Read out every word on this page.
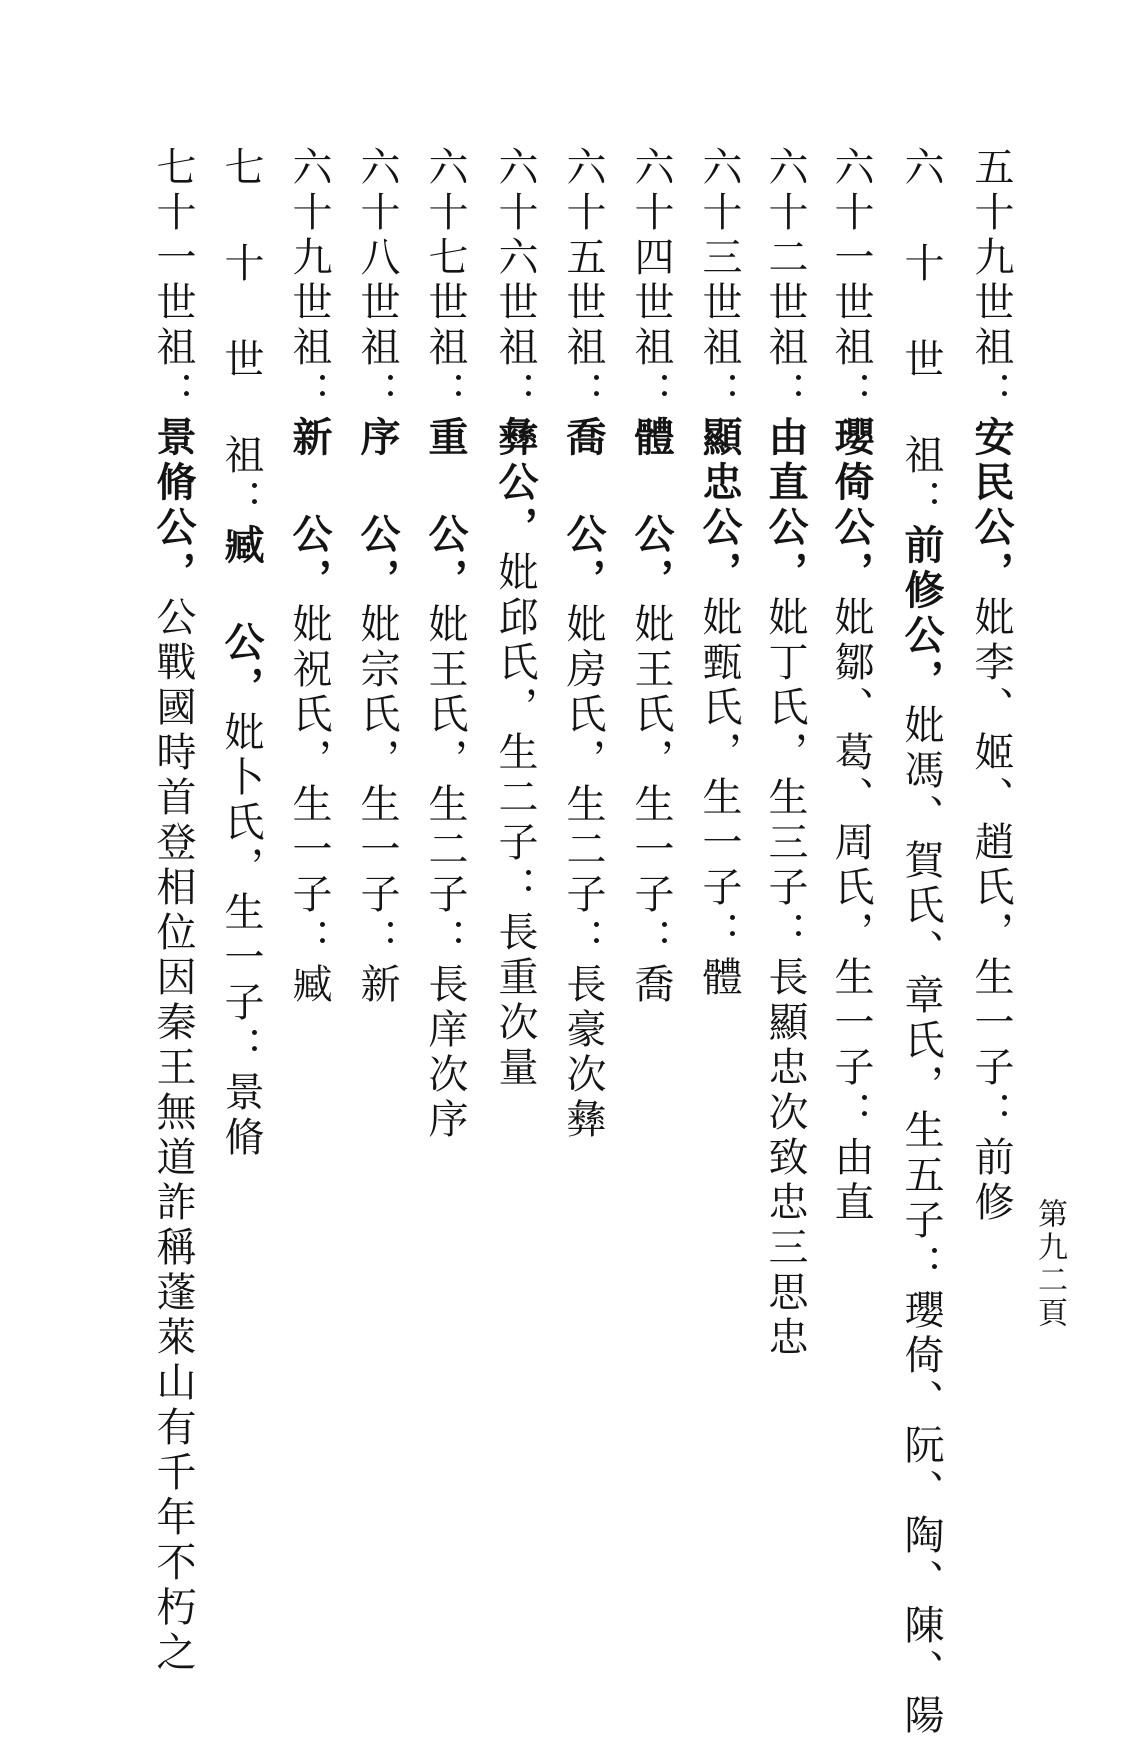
五十九世祖：安民公，妣李、姬、趙氏，生一子：前修
六 十 世 祖：前修公，妣馮、賀氏、章氏，生五子：瓔倚、阮、陶、陳、陽
六十一世祖：瓔倚公，妣鄒、葛、周氏，生一子：由直
六十二世祖：由直公，妣丁氏，生三子：長顯忠次致忠三思忠
六十三世祖：顯忠公，妣甄氏，生一子：體
六十四世祖：體 公，妣王氏，生一子：喬
六十五世祖：喬 公，妣房氏，生二子：長豪次彝
六十六世祖：彝公，妣邱氏，生二子：長重次量
六十七世祖：重 公，妣王氏，生二子：長庠次序
六十八世祖：序 公，妣宗氏，生一子：新
六十九世祖：新 公，妣祝氏，生一子：臧
七 十 世 祖：臧 公，妣卜氏，生一子：景脩
七十一世祖：景脩公，公戰國時首登相位因秦王無道詐稱蓬萊山有千年不朽之	第九二頁
